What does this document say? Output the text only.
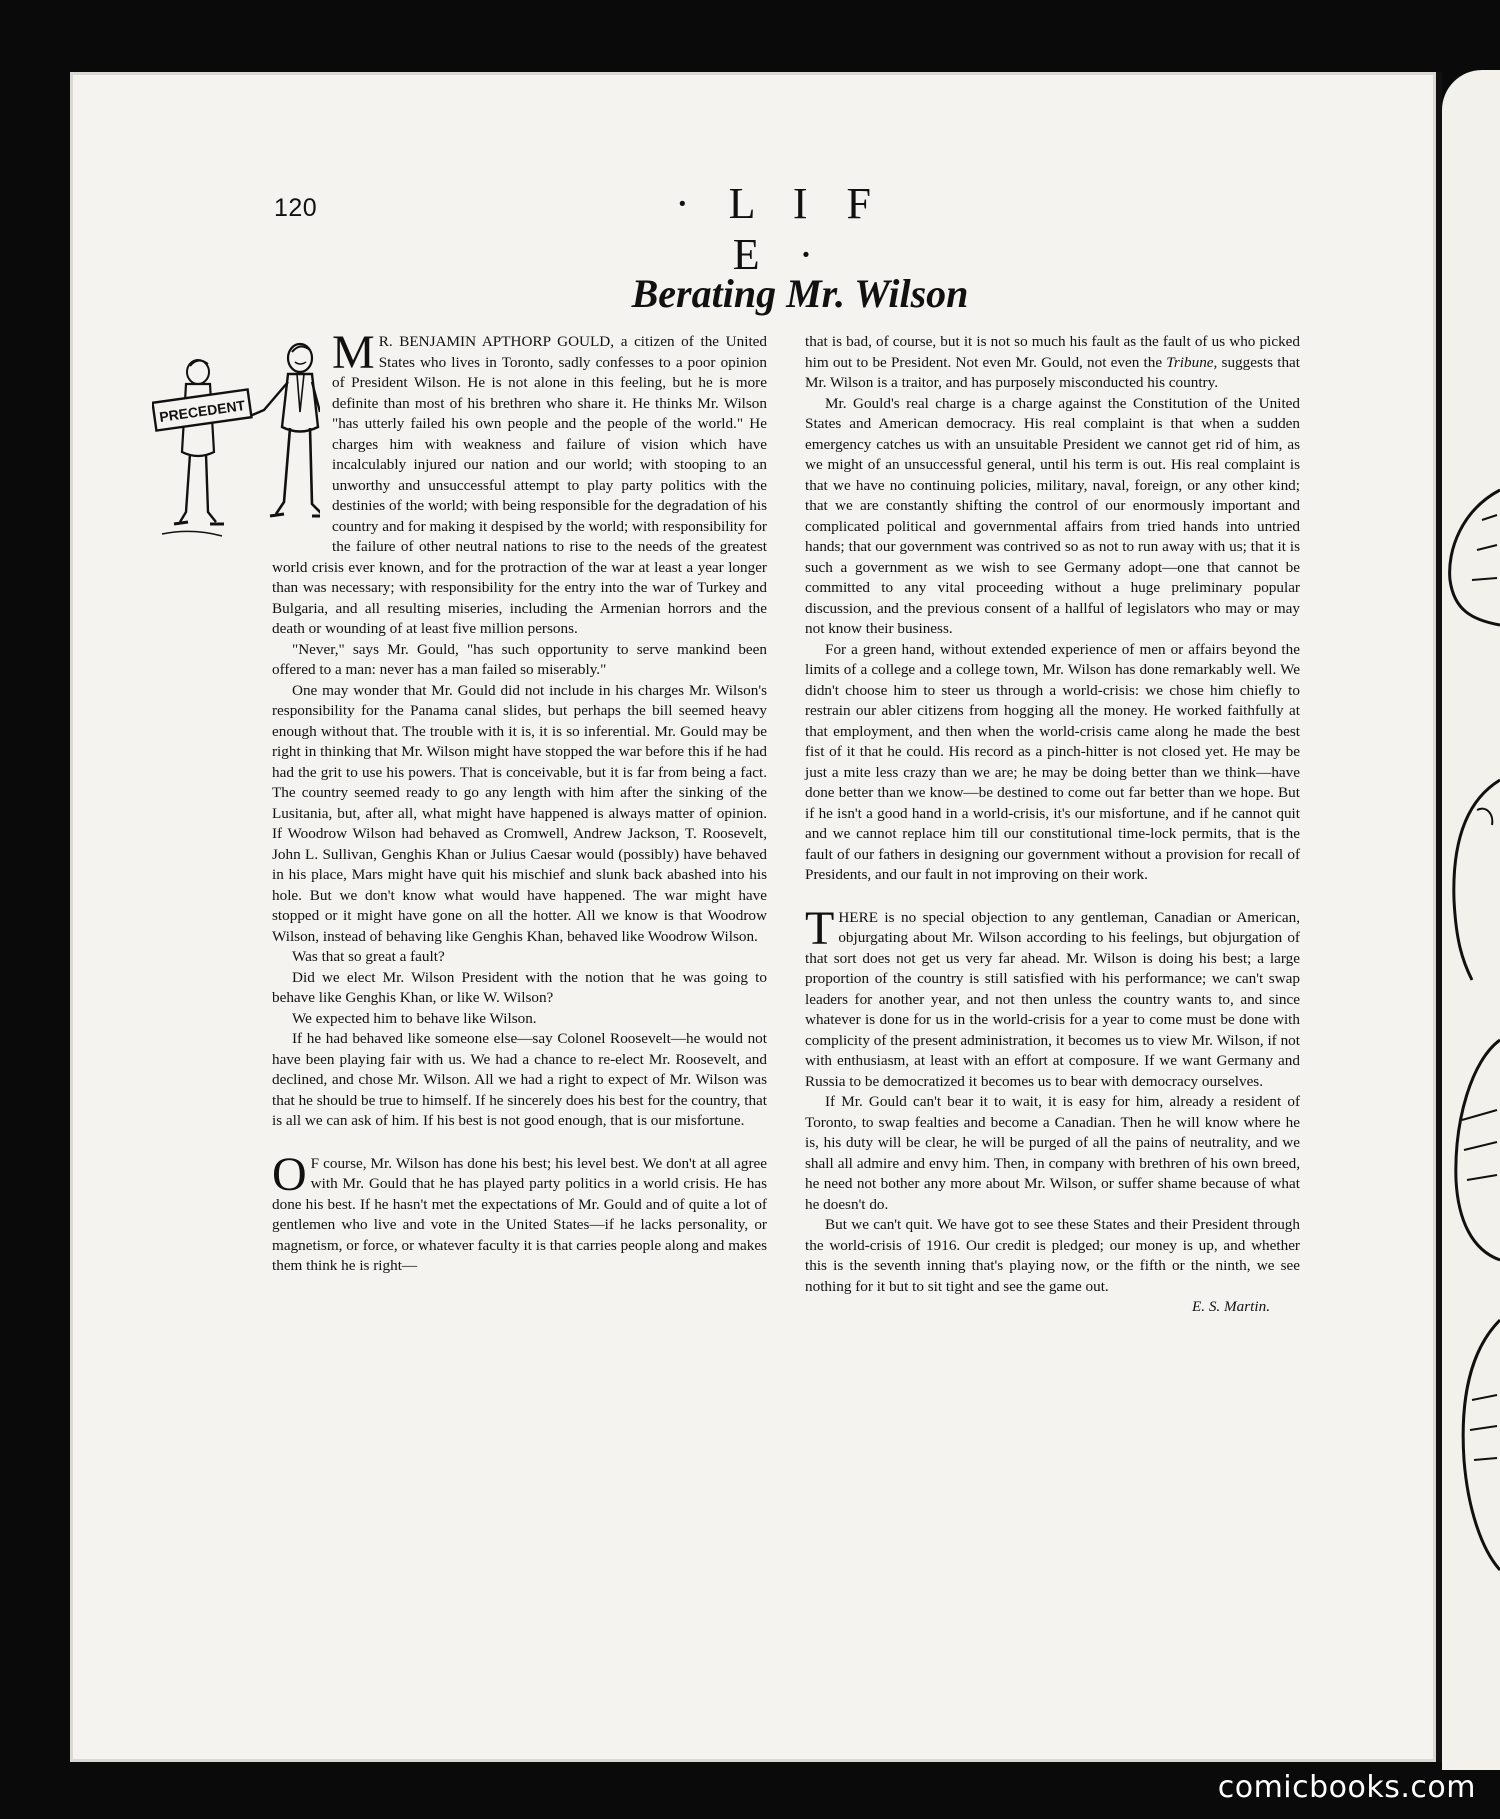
120	· L I F E ·
Berating Mr. Wilson

PRECEDENT
M R. BENJAMIN APTHORP GOULD, a citizen of the United States who lives in Toronto, sadly confesses to a poor opinion of President Wilson. He is not alone in this feeling, but he is more definite than most of his brethren who share it. He thinks Mr. Wilson "has utterly failed his own people and the people of the world." He charges him with weakness and failure of vision which have incalculably injured our nation and our world; with stooping to an unworthy and unsuccessful attempt to play party politics with the destinies of the world; with being responsible for the degradation of his country and for making it despised by the world; with responsibility for the failure of other neutral nations to rise to the needs of the greatest world crisis ever known, and for the protraction of the war at least a year longer than was necessary; with responsibility for the entry into the war of Turkey and Bulgaria, and all resulting miseries, including the Armenian horrors and the death or wounding of at least five million persons.

"Never," says Mr. Gould, "has such opportunity to serve mankind been offered to a man: never has a man failed so miserably."

One may wonder that Mr. Gould did not include in his charges Mr. Wilson's responsibility for the Panama canal slides, but perhaps the bill seemed heavy enough without that. The trouble with it is, it is so inferential. Mr. Gould may be right in thinking that Mr. Wilson might have stopped the war before this if he had had the grit to use his powers. That is conceivable, but it is far from being a fact. The country seemed ready to go any length with him after the sinking of the Lusitania, but, after all, what might have happened is always matter of opinion. If Woodrow Wilson had behaved as Cromwell, Andrew Jackson, T. Roosevelt, John L. Sullivan, Genghis Khan or Julius Caesar would (possibly) have behaved in his place, Mars might have quit his mischief and slunk back abashed into his hole. But we don't know what would have happened. The war might have stopped or it might have gone on all the hotter. All we know is that Woodrow Wilson, instead of behaving like Genghis Khan, behaved like Woodrow Wilson.

Was that so great a fault?

Did we elect Mr. Wilson President with the notion that he was going to behave like Genghis Khan, or like W. Wilson?

We expected him to behave like Wilson.

If he had behaved like someone else—say Colonel Roosevelt—he would not have been playing fair with us. We had a chance to re-elect Mr. Roosevelt, and declined, and chose Mr. Wilson. All we had a right to expect of Mr. Wilson was that he should be true to himself. If he sincerely does his best for the country, that is all we can ask of him. If his best is not good enough, that is our misfortune.

O F course, Mr. Wilson has done his best; his level best. We don't at all agree with Mr. Gould that he has played party politics in a world crisis. He has done his best. If he hasn't met the expectations of Mr. Gould and of quite a lot of gentlemen who live and vote in the United States—if he lacks personality, or magnetism, or force, or whatever faculty it is that carries people along and makes them think he is right—

that is bad, of course, but it is not so much his fault as the fault of us who picked him out to be President. Not even Mr. Gould, not even the Tribune, suggests that Mr. Wilson is a traitor, and has purposely misconducted his country.

Mr. Gould's real charge is a charge against the Constitution of the United States and American democracy. His real complaint is that when a sudden emergency catches us with an unsuitable President we cannot get rid of him, as we might of an unsuccessful general, until his term is out. His real complaint is that we have no continuing policies, military, naval, foreign, or any other kind; that we are constantly shifting the control of our enormously important and complicated political and governmental affairs from tried hands into untried hands; that our government was contrived so as not to run away with us; that it is such a government as we wish to see Germany adopt—one that cannot be committed to any vital proceeding without a huge preliminary popular discussion, and the previous consent of a hallful of legislators who may or may not know their business.

For a green hand, without extended experience of men or affairs beyond the limits of a college and a college town, Mr. Wilson has done remarkably well. We didn't choose him to steer us through a world-crisis: we chose him chiefly to restrain our abler citizens from hogging all the money. He worked faithfully at that employment, and then when the world-crisis came along he made the best fist of it that he could. His record as a pinch-hitter is not closed yet. He may be just a mite less crazy than we are; he may be doing better than we think—have done better than we know—be destined to come out far better than we hope. But if he isn't a good hand in a world-crisis, it's our misfortune, and if he cannot quit and we cannot replace him till our constitutional time-lock permits, that is the fault of our fathers in designing our government without a provision for recall of Presidents, and our fault in not improving on their work.

THERE is no special objection to any gentleman, Canadian or American, objurgating about Mr. Wilson according to his feelings, but objurgation of that sort does not get us very far ahead. Mr. Wilson is doing his best; a large proportion of the country is still satisfied with his performance; we can't swap leaders for another year, and not then unless the country wants to, and since whatever is done for us in the world-crisis for a year to come must be done with complicity of the present administration, it becomes us to view Mr. Wilson, if not with enthusiasm, at least with an effort at composure. If we want Germany and Russia to be democratized it becomes us to bear with democracy ourselves.

If Mr. Gould can't bear it to wait, it is easy for him, already a resident of Toronto, to swap fealties and become a Canadian. Then he will know where he is, his duty will be clear, he will be purged of all the pains of neutrality, and we shall all admire and envy him. Then, in company with brethren of his own breed, he need not bother any more about Mr. Wilson, or suffer shame because of what he doesn't do.

But we can't quit. We have got to see these States and their President through the world-crisis of 1916. Our credit is pledged; our money is up, and whether this is the seventh inning that's playing now, or the fifth or the ninth, we see nothing for it but to sit tight and see the game out.

E. S. Martin.

comicbooks.com
